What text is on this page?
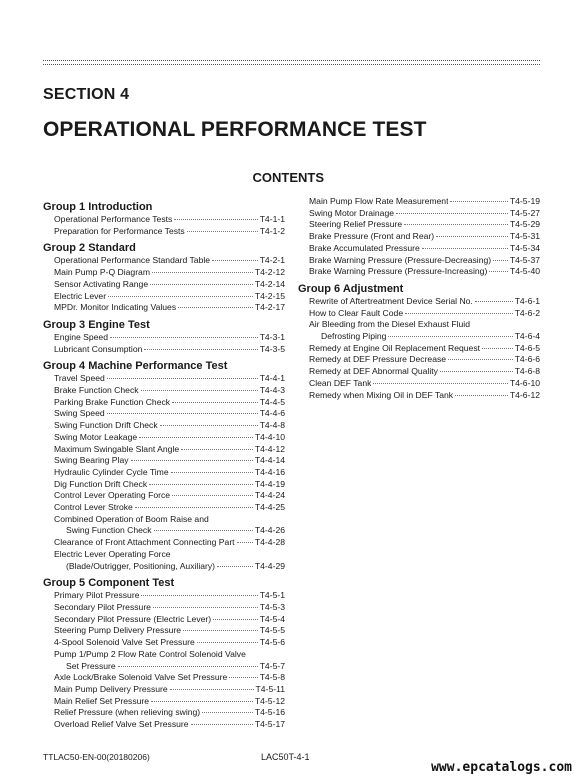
SECTION 4
OPERATIONAL PERFORMANCE TEST
CONTENTS
Group 1 Introduction
Operational Performance Tests	T4-1-1
Preparation for Performance Tests	T4-1-2
Group 2 Standard
Operational Performance Standard Table	T4-2-1
Main Pump P-Q Diagram	T4-2-12
Sensor Activating Range	T4-2-14
Electric Lever	T4-2-15
MPDr. Monitor Indicating Values	T4-2-17
Group 3 Engine Test
Engine Speed	T4-3-1
Lubricant Consumption	T4-3-5
Group 4 Machine Performance Test
Travel Speed	T4-4-1
Brake Function Check	T4-4-3
Parking Brake Function Check	T4-4-5
Swing Speed	T4-4-6
Swing Function Drift Check	T4-4-8
Swing Motor Leakage	T4-4-10
Maximum Swingable Slant Angle	T4-4-12
Swing Bearing Play	T4-4-14
Hydraulic Cylinder Cycle Time	T4-4-16
Dig Function Drift Check	T4-4-19
Control Lever Operating Force	T4-4-24
Control Lever Stroke	T4-4-25
Combined Operation of Boom Raise and
Swing Function Check	T4-4-26
Clearance of Front Attachment Connecting Part T4-4-28
Electric Lever Operating Force
(Blade/Outrigger, Positioning, Auxiliary)	T4-4-29
Group 5 Component Test
Primary Pilot Pressure	T4-5-1
Secondary Pilot Pressure	T4-5-3
Secondary Pilot Pressure (Electric Lever)	T4-5-4
Steering Pump Delivery Pressure	T4-5-5
4-Spool Solenoid Valve Set Pressure	T4-5-6
Pump 1/Pump 2 Flow Rate Control Solenoid Valve
Set Pressure	T4-5-7
Axle Lock/Brake Solenoid Valve Set Pressure	T4-5-8
Main Pump Delivery Pressure	T4-5-11
Main Relief Set Pressure	T4-5-12
Relief Pressure (when relieving swing)	T4-5-16
Overload Relief Valve Set Pressure	T4-5-17
Main Pump Flow Rate Measurement	T4-5-19
Swing Motor Drainage	T4-5-27
Steering Relief Pressure	T4-5-29
Brake Pressure (Front and Rear)	T4-5-31
Brake Accumulated Pressure	T4-5-34
Brake Warning Pressure (Pressure-Decreasing) T4-5-37
Brake Warning Pressure (Pressure-Increasing)	T4-5-40
Group 6 Adjustment
Rewrite of Aftertreatment Device Serial No.	T4-6-1
How to Clear Fault Code	T4-6-2
Air Bleeding from the Diesel Exhaust Fluid
Defrosting Piping	T4-6-4
Remedy at Engine Oil Replacement Request	T4-6-5
Remedy at DEF Pressure Decrease	T4-6-6
Remedy at DEF Abnormal Quality	T4-6-8
Clean DEF Tank	T4-6-10
Remedy when Mixing Oil in DEF Tank	T4-6-12
TTLAC50-EN-00(20180206)	LAC50T-4-1
www.epcatalogs.com
